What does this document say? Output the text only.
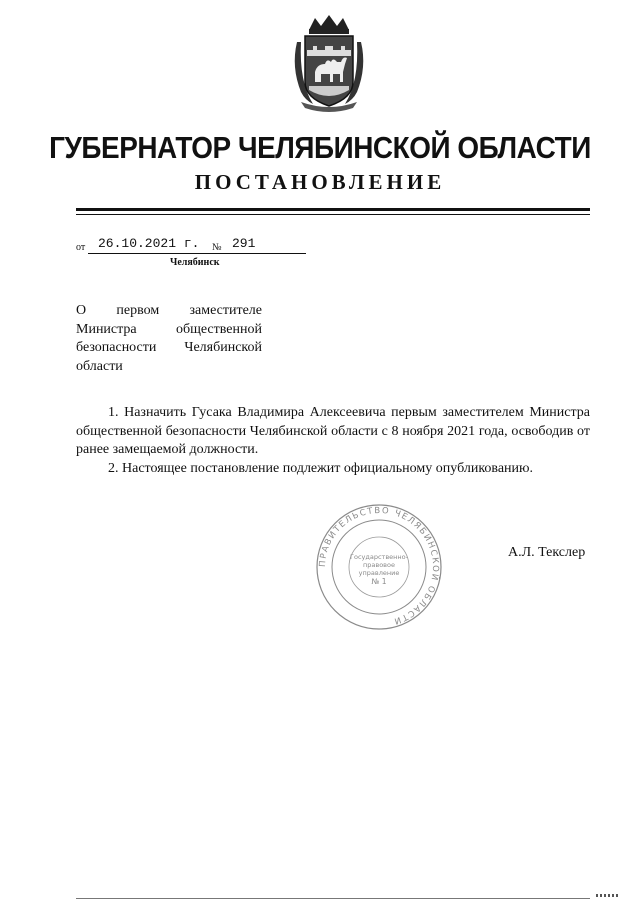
ГУБЕРНАТОР ЧЕЛЯБИНСКОЙ ОБЛАСТИ
ПОСТАНОВЛЕНИЕ
от 26.10.2021 г.	№ 291
Челябинск
О первом заместителе
Министра общественной
безопасности Челябинской
области

1. Назначить Гусака Владимира Алексеевича первым заместителем Министра общественной безопасности Челябинской области с 8 ноября 2021 года, освободив от ранее замещаемой должности.

2. Настоящее постановление подлежит официальному опубликованию.

ПРАВИТЕЛЬСТВО ЧЕЛЯБИНСКОЙ ОБЛАСТИ
Государственно-
правовое
управление
№ 1
А.Л. Текслер
